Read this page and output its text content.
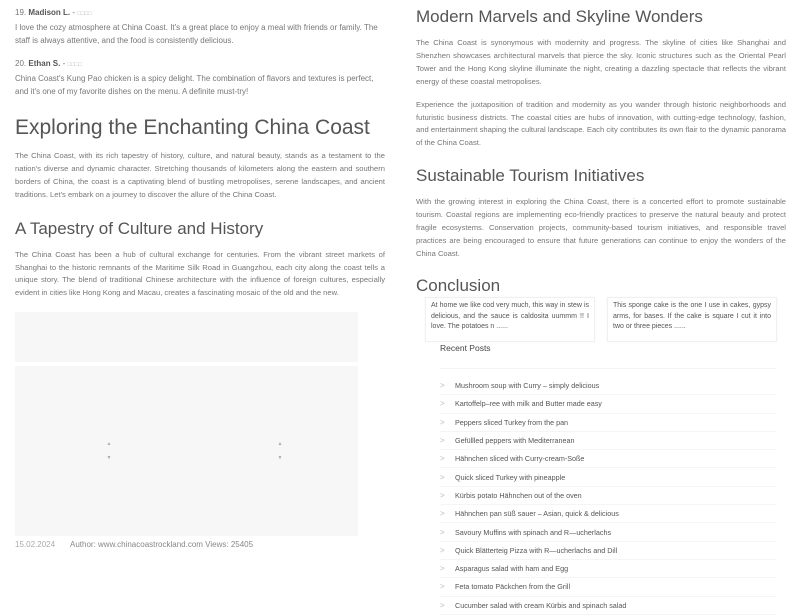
19. Madison L. - □□□□
I love the cozy atmosphere at China Coast. It's a great place to enjoy a meal with friends or family. The staff is always attentive, and the food is consistently delicious.
20. Ethan S. - □□□□
China Coast's Kung Pao chicken is a spicy delight. The combination of flavors and textures is perfect, and it's one of my favorite dishes on the menu. A definite must-try!
Exploring the Enchanting China Coast

The China Coast, with its rich tapestry of history, culture, and natural beauty, stands as a testament to the nation's diverse and dynamic character. Stretching thousands of kilometers along the eastern and southern borders of China, the coast is a captivating blend of bustling metropolises, serene landscapes, and ancient traditions. Let's embark on a journey to discover the allure of the China Coast.

A Tapestry of Culture and History

The China Coast has been a hub of cultural exchange for centuries. From the vibrant street markets of Shanghai to the historic remnants of the Maritime Silk Road in Guangzhou, each city along the coast tells a unique story. The blend of traditional Chinese architecture with the influence of foreign cultures, especially evident in cities like Hong Kong and Macau, creates a fascinating mosaic of the old and the new.

▲
▼
▲
▼
15.02.2024	Author: www.chinacoastrockland.com Views: 25405
Modern Marvels and Skyline Wonders

The China Coast is synonymous with modernity and progress. The skyline of cities like Shanghai and Shenzhen showcases architectural marvels that pierce the sky. Iconic structures such as the Oriental Pearl Tower and the Hong Kong skyline illuminate the night, creating a dazzling spectacle that reflects the vibrant energy of these coastal metropolises.

Experience the juxtaposition of tradition and modernity as you wander through historic neighborhoods and futuristic business districts. The coastal cities are hubs of innovation, with cutting-edge technology, fashion, and entertainment shaping the cultural landscape. Each city contributes its own flair to the dynamic panorama of the China Coast.

Sustainable Tourism Initiatives

With the growing interest in exploring the China Coast, there is a concerted effort to promote sustainable tourism. Coastal regions are implementing eco-friendly practices to preserve the natural beauty and protect fragile ecosystems. Conservation projects, community-based tourism initiatives, and responsible travel practices are being encouraged to ensure that future generations can continue to enjoy the wonders of the China Coast.

Conclusion
At home we like cod very much, this way in stew is delicious, and the sauce is caldosita uummm !! I love. The potatoes n ......
This sponge cake is the one I use in cakes, gypsy arms, for bases. If the cake is square I cut it into two or three pieces ......
Recent Posts
>	Mushroom soup with Curry – simply delicious
>	Kartoffelp–ree with milk and Butter made easy
>	Peppers sliced Turkey from the pan
>	Gefüllled peppers with Mediterranean
>	Hähnchen sliced with Curry-cream-Soße
>	Quick sliced Turkey with pineapple
>	Kürbis potato Hähnchen out of the oven
>	Hähnchen pan süß sauer – Asian, quick & delicious
>	Savoury Muffins with spinach and R—ucherlachs
>	Quick Blätterteig Pizza with R—ucherlachs and Dill
>	Asparagus salad with ham and Egg
>	Feta tomato Päckchen from the Grill
>	Cucumber salad with cream Kürbis and spinach salad
